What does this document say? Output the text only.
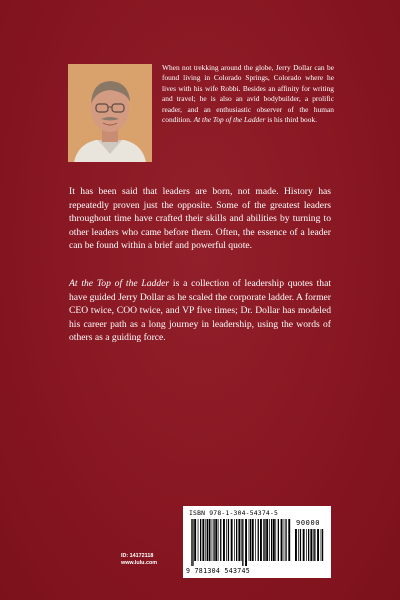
When not trekking around the globe, Jerry Dollar can be found living in Colorado Springs, Colorado where he lives with his wife Robbi. Besides an affinity for writing and travel; he is also an avid bodybuilder, a prolific reader, and an enthusiastic observer of the human condition. At the Top of the Ladder is his third book.

It has been said that leaders are born, not made. History has repeatedly proven just the opposite. Some of the greatest leaders throughout time have crafted their skills and abilities by turning to other leaders who came before them. Often, the essence of a leader can be found within a brief and powerful quote.

At the Top of the Ladder is a collection of leadership quotes that have guided Jerry Dollar as he scaled the corporate ladder. A former CEO twice, COO twice, and VP five times; Dr. Dollar has modeled his career path as a long journey in leadership, using the words of others as a guiding force.

ID: 14172118
www.lulu.com
ISBN 978-1-304-54374-5
90000
9 781304 543745
